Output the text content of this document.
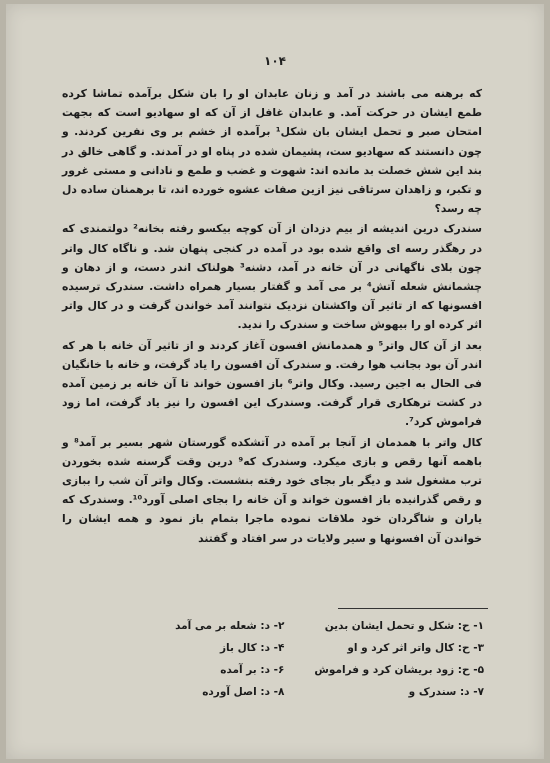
۱۰۴

که برهنه می باشند در آمد و زنان عابدان او را بان شکل برآمده تماشا کرده طمع ایشان در حرکت آمد. و عابدان غافل از آن که او سهادیو است که بجهت امتحان صبر و تحمل ایشان بان شکل¹ برآمده از خشم بر وی نفرین کردند. و چون دانستند که سهادیو ست، پشیمان شده در پناه او در آمدند. و گاهی خالق در بند این شش خصلت بد مانده اند: شهوت و غضب و طمع و نادانی و مستی غرور و تکبر، و زاهدان سرتاقی نیز ازین صفات عشوه خورده اند، تا برهمنان ساده دل چه رسد؟

سندرک درین اندیشه از بیم دزدان از آن کوچه بیکسو رفته بخانه² دولتمندی که در رهگذر رسه ای واقع شده بود در آمده در کنجی پنهان شد. و ناگاه کال واتر چون بلای ناگهانی در آن خانه در آمد، دشنه³ هولناک اندر دست، و از دهان و چشمانش شعله آتش⁴ بر می آمد و گفتار بسیار همراه داشت. سندرک ترسیده افسونها که از تاثیر آن واکشتان نزدیک نتوانند آمد خواندن گرفت و در کال واتر اثر کرده او را بیهوش ساخت و سندرک را ندید.

بعد از آن کال واتر⁵ و همدمانش افسون آغاز کردند و از تاثیر آن خانه با هر که اندر آن بود بجانب هوا رفت. و سندرک آن افسون را یاد گرفت، و خانه با خانگیان فی الحال به اجین رسید. وکال واتر⁶ باز افسون خواند تا آن خانه بر زمین آمده در کشت ترهکاری قرار گرفت. وسندرک این افسون را نیز یاد گرفت، اما زود فراموش کرد⁷.

کال واتر با همدمان از آنجا بر آمده در آتشکده گورستان شهر بسیر بر آمد⁸ و باهمه آنها رقص و بازی میکرد. وسندرک که⁹ درین وقت گرسنه شده بخوردن ترب مشغول شد و دیگر بار بجای خود رفته بنشست. وکال واتر آن شب را ببازی و رقص گذرانیده باز افسون خواند و آن خانه را بجای اصلی آورد¹⁰. وسندرک که یاران و شاگردان خود ملاقات نموده ماجرا بتمام باز نمود و همه ایشان را خواندن آن افسونها و سیر ولایات در سر افتاد و گفتند

۱- ح: شکل و تحمل ایشان بدین
۲- د: شعله بر می آمد
۳- ح: کال واتر اثر کرد و او
۴- د: کال باز
۵- ح: زود بریشان کرد و فراموش
۶- د: بر آمده
۷- د: سندرک و
۸- د: اصل آورده
